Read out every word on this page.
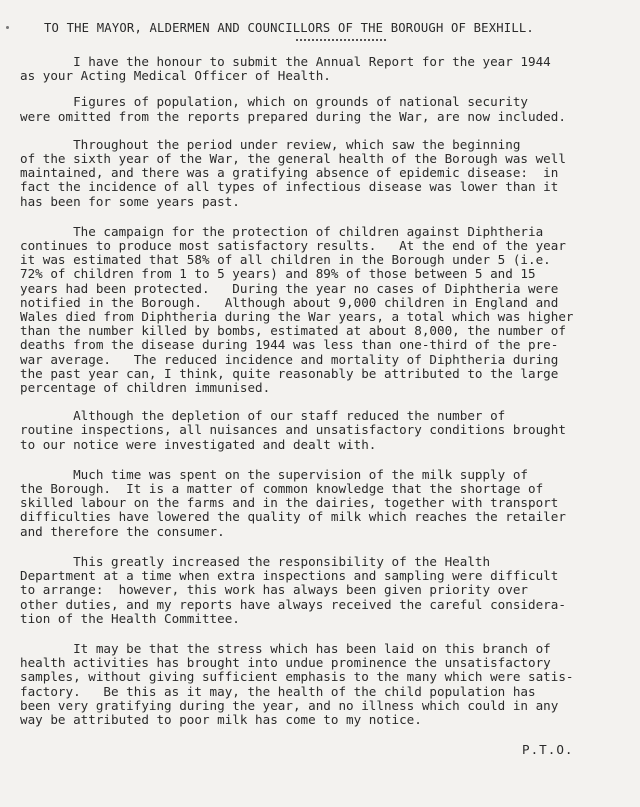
TO THE MAYOR, ALDERMEN AND COUNCILLORS OF THE BOROUGH OF BEXHILL.
I have the honour to submit the Annual Report for the year 1944
as your Acting Medical Officer of Health.
Figures of population, which on grounds of national security
were omitted from the reports prepared during the War, are now included.
Throughout the period under review, which saw the beginning
of the sixth year of the War, the general health of the Borough was well
maintained, and there was a gratifying absence of epidemic disease:  in
fact the incidence of all types of infectious disease was lower than it
has been for some years past.
The campaign for the protection of children against Diphtheria
continues to produce most satisfactory results.   At the end of the year
it was estimated that 58% of all children in the Borough under 5 (i.e.
72% of children from 1 to 5 years) and 89% of those between 5 and 15
years had been protected.   During the year no cases of Diphtheria were
notified in the Borough.   Although about 9,000 children in England and
Wales died from Diphtheria during the War years, a total which was higher
than the number killed by bombs, estimated at about 8,000, the number of
deaths from the disease during 1944 was less than one-third of the pre-
war average.   The reduced incidence and mortality of Diphtheria during
the past year can, I think, quite reasonably be attributed to the large
percentage of children immunised.
Although the depletion of our staff reduced the number of
routine inspections, all nuisances and unsatisfactory conditions brought
to our notice were investigated and dealt with.
Much time was spent on the supervision of the milk supply of
the Borough.  It is a matter of common knowledge that the shortage of
skilled labour on the farms and in the dairies, together with transport
difficulties have lowered the quality of milk which reaches the retailer
and therefore the consumer.
This greatly increased the responsibility of the Health
Department at a time when extra inspections and sampling were difficult
to arrange:  however, this work has always been given priority over
other duties, and my reports have always received the careful considera-
tion of the Health Committee.
It may be that the stress which has been laid on this branch of
health activities has brought into undue prominence the unsatisfactory
samples, without giving sufficient emphasis to the many which were satis-
factory.   Be this as it may, the health of the child population has
been very gratifying during the year, and no illness which could in any
way be attributed to poor milk has come to my notice.
P.T.O.
